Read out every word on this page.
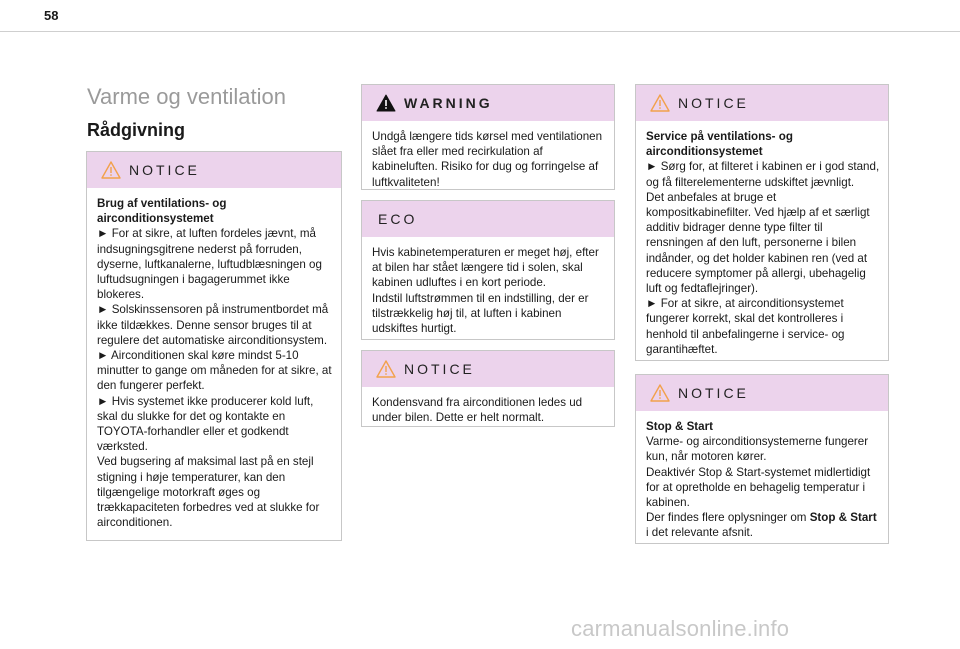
58
Varme og ventilation
Rådgivning
NOTICE

Brug af ventilations- og airconditionsystemet

► For at sikre, at luften fordeles jævnt, må indsugningsgitrene nederst på forruden, dyserne, luftkanalerne, luftudblæsningen og luftudsugningen i bagagerummet ikke blokeres.

► Solskinssensoren på instrumentbordet må ikke tildækkes. Denne sensor bruges til at regulere det automatiske airconditionsystem.

► Airconditionen skal køre mindst 5-10 minutter to gange om måneden for at sikre, at den fungerer perfekt.

► Hvis systemet ikke producerer kold luft, skal du slukke for det og kontakte en TOYOTA-forhandler eller et godkendt værksted.

Ved bugsering af maksimal last på en stejl stigning i høje temperaturer, kan den tilgængelige motorkraft øges og trækkapaciteten forbedres ved at slukke for airconditionen.

WARNING

Undgå længere tids kørsel med ventilationen slået fra eller med recirkulation af kabineluften. Risiko for dug og forringelse af luftkvaliteten!

ECO

Hvis kabinetemperaturen er meget høj, efter at bilen har stået længere tid i solen, skal kabinen udluftes i en kort periode.

Indstil luftstrømmen til en indstilling, der er tilstrækkelig høj til, at luften i kabinen udskiftes hurtigt.

NOTICE

Kondensvand fra airconditionen ledes ud under bilen. Dette er helt normalt.

NOTICE

Service på ventilations- og airconditionsystemet

► Sørg for, at filteret i kabinen er i god stand, og få filterelementerne udskiftet jævnligt.

Det anbefales at bruge et kompositkabinefilter. Ved hjælp af et særligt additiv bidrager denne type filter til rensningen af den luft, personerne i bilen indånder, og det holder kabinen ren (ved at reducere symptomer på allergi, ubehagelig luft og fedtaflejringer).

► For at sikre, at airconditionsystemet fungerer korrekt, skal det kontrolleres i henhold til anbefalingerne i service- og garantihæftet.

NOTICE

Stop & Start

Varme- og airconditionsystemerne fungerer kun, når motoren kører.

Deaktivér Stop & Start-systemet midlertidigt for at opretholde en behagelig temperatur i kabinen.

Der findes flere oplysninger om Stop & Start i det relevante afsnit.

carmanualsonline.info
